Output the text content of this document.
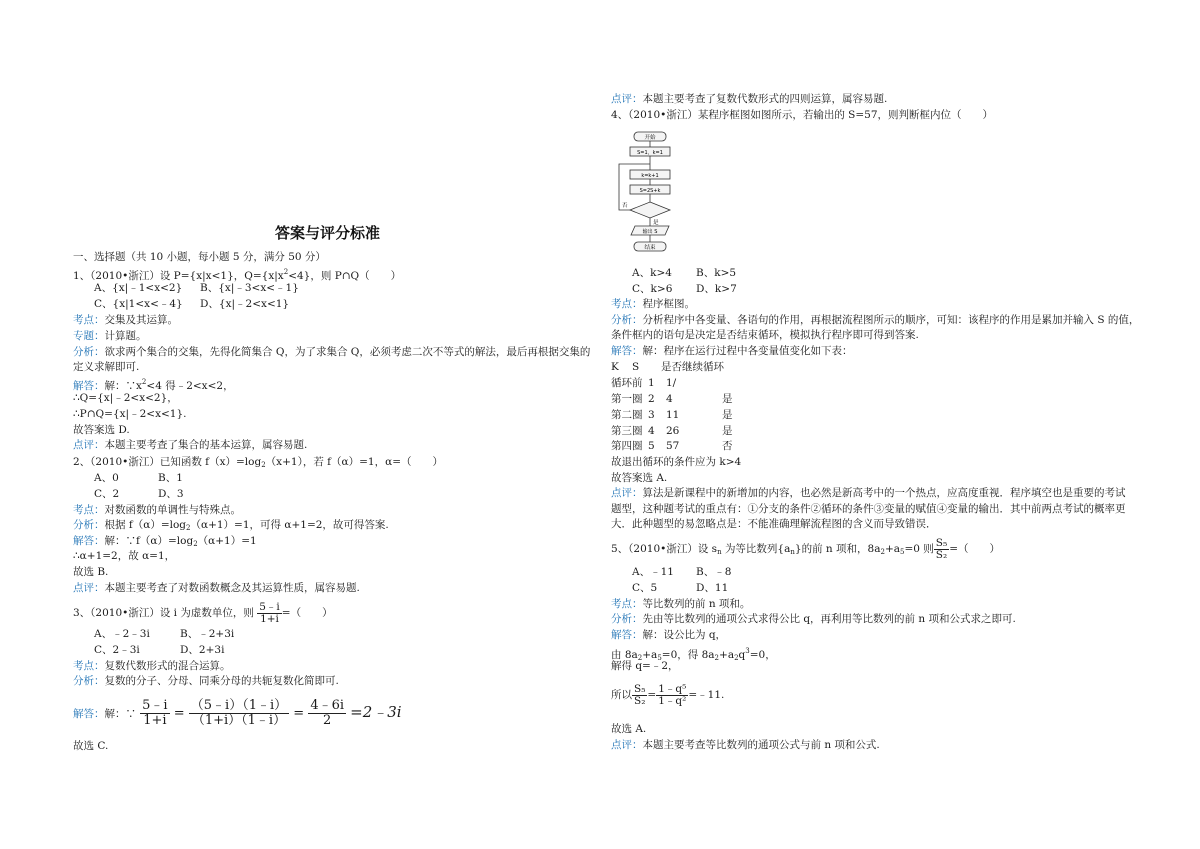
答案与评分标准
一、选择题（共 10 小题，每小题 5 分，满分 50 分）
1、（2010•浙江）设 P={x|x<1}，$Q=\{x|x^2<4\}$，则 P∩Q（　　）
A、{x|﹣1<x<2} B、{x|﹣3<x<﹣1}
C、{x|1<x<﹣4} D、{x|﹣2<x<1}
考点：交集及其运算。
专题：计算题。
分析：欲求两个集合的交集，先得化简集合 Q，为了求集合 Q，必须考虑二次不等式的解法，最后再根据交集的
定义求解即可.
解答：解：$\because x^2<4$ 得﹣2<x<2，
∴Q={x|﹣2<x<2}，
∴P∩Q={x|﹣2<x<1}.
故答案选 D.
点评：本题主要考查了集合的基本运算，属容易题.
2、（2010•浙江）已知函数 $f(x)=\log_2(x+1)$，若 f（α）=1，α=（　　）
A、0	B、1
C、2	D、3
考点：对数函数的单调性与特殊点。
分析：根据 $f(\alpha)=\log_2(\alpha+1)=1$，可得 α+1=2，故可得答案.
解答：解：$\because f(\alpha)=\log_2(\alpha+1)=1$
∴α+1=2，故 α=1，
故选 B.
点评：本题主要考查了对数函数概念及其运算性质，属容易题.
3、（2010•浙江）设 i 为虚数单位，则 $\frac{5﹣i}{1+i}$ =（　　）
A、﹣2﹣3i	B、﹣2+3i
C、2﹣3i	D、2+3i
考点：复数代数形式的混合运算。
分析：复数的分子、分母、同乘分母的共轭复数化简即可.
解答：解：∵ $\frac{5﹣i}{1+i} = \frac{(5﹣i)(1﹣i)}{(1+i)(1﹣i)} = \frac{4﹣6i}{2}$ =2﹣3i
故选 C.
点评：本题主要考查了复数代数形式的四则运算，属容易题.
4、（2010•浙江）某程序框图如图所示，若输出的 S=57，则判断框内位（　　）
开始
S=1，k=1
k=k+1
S=2S+k
否
是
输出 S
结束
A、k>4 B、k>5
C、k>6 D、k>7
考点：程序框图。
分析：分析程序中各变量、各语句的作用，再根据流程图所示的顺序，可知：该程序的作用是累加并输入 S 的值，
条件框内的语句是决定是否结束循环，模拟执行程序即可得到答案.
解答：解：程序在运行过程中各变量值变化如下表：
K S 是否继续循环
循环前 1 1/
第一圈 2 4	是
第二圈 3 11	是
第三圈 4 26	是
第四圈 5 57	否
故退出循环的条件应为 k>4
故答案选 A.
点评：算法是新课程中的新增加的内容，也必然是新高考中的一个热点，应高度重视．程序填空也是重要的考试
题型，这种题考试的重点有：①分支的条件②循环的条件③变量的赋值④变量的输出．其中前两点考试的概率更
大．此种题型的易忽略点是：不能准确理解流程图的含义而导致错误．
5、（2010•浙江）设 $s_n$ 为等比数列$\{a_n\}$的前 n 项和，$8a_2+a_5=0$ 则 $\frac{\text{S₅}}{\text{S₂}}$ =（　　）
A、﹣11 B、﹣8
C、5	D、11
考点：等比数列的前 n 项和。
分析：先由等比数列的通项公式求得公比 q，再利用等比数列的前 n 项和公式求之即可.
解答：解：设公比为 q，
由 $8a_2+a_5=0$，得 $8a_2+a_2q^3=0$，
解得 q=﹣2，
所以 $\frac{\text{S₅}}{\text{S₂}} = \frac{\text{1﹣q⁵}}{\text{1﹣q²}}$ =﹣11.
故选 A.
点评：本题主要考查等比数列的通项公式与前 n 项和公式.
